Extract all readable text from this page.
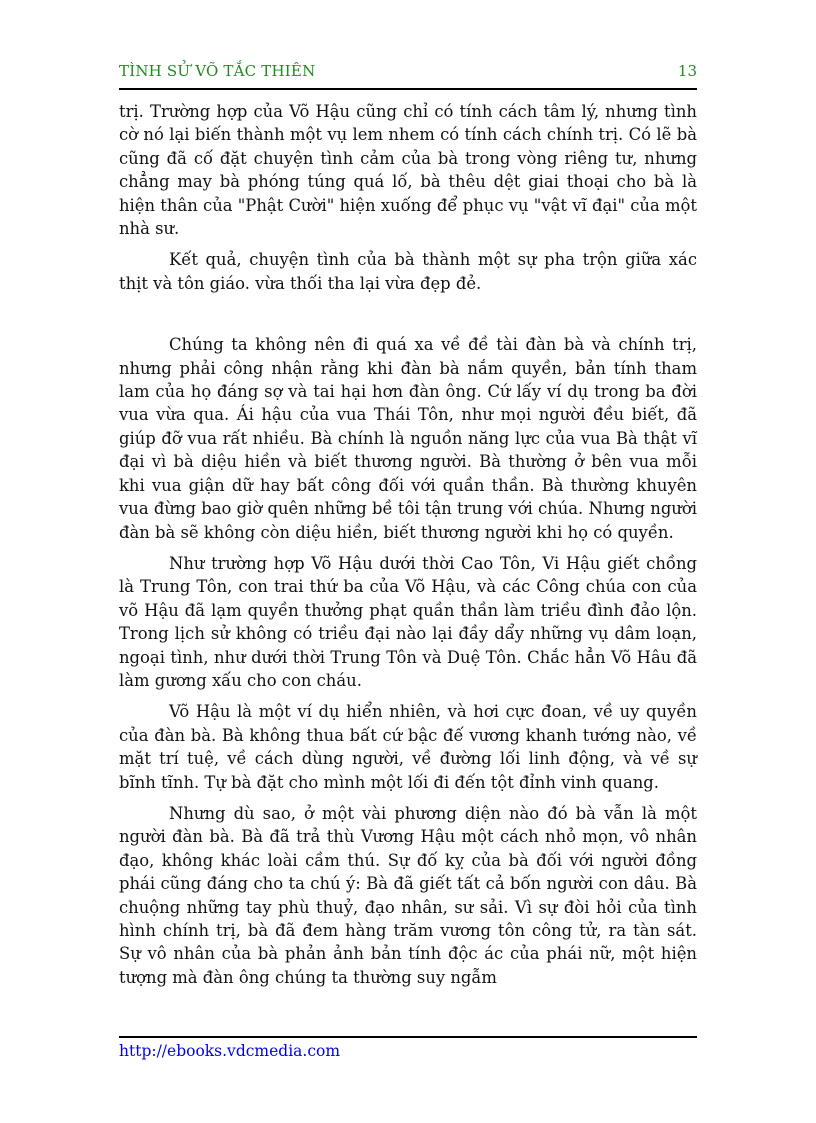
TÌNH SỬ VÕ TẮC THIÊN	13

trị. Trường hợp của Võ Hậu cũng chỉ có tính cách tâm lý, nhưng tình cờ nó lại biến thành một vụ lem nhem có tính cách chính trị. Có lẽ bà cũng đã cố đặt chuyện tình cảm của bà trong vòng riêng tư, nhưng chẳng may bà phóng túng quá lố, bà thêu dệt giai thoại cho bà là hiện thân của "Phật Cười" hiện xuống để phục vụ "vật vĩ đại" của một nhà sư.

Kết quả, chuyện tình của bà thành một sự pha trộn giữa xác thịt và tôn giáo. vừa thối tha lại vừa đẹp đẻ.

Chúng ta không nên đi quá xa về đề tài đàn bà và chính trị, nhưng phải công nhận rằng khi đàn bà nắm quyền, bản tính tham lam của họ đáng sợ và tai hại hơn đàn ông. Cứ lấy ví dụ trong ba đời vua vừa qua. Ái hậu của vua Thái Tôn, như mọi người đều biết, đã giúp đỡ vua rất nhiều. Bà chính là nguồn năng lực của vua Bà thật vĩ đại vì bà diệu hiền và biết thương người. Bà thường ở bên vua mỗi khi vua giận dữ hay bất công đối với quần thần. Bà thường khuyên vua đừng bao giờ quên những bề tôi tận trung với chúa. Nhưng người đàn bà sẽ không còn diệu hiền, biết thương người khi họ có quyền.

Như trường hợp Võ Hậu dưới thời Cao Tôn, Vi Hậu giết chồng là Trung Tôn, con trai thứ ba của Võ Hậu, và các Công chúa con của võ Hậu đã lạm quyền thưởng phạt quần thần làm triều đình đảo lộn. Trong lịch sử không có triều đại nào lại đầy dẩy những vụ dâm loạn, ngoại tình, như dưới thời Trung Tôn và Duệ Tôn. Chắc hẳn Võ Hâu đã làm gương xấu cho con cháu.

Võ Hậu là một ví dụ hiển nhiên, và hơi cực đoan, về uy quyền của đàn bà. Bà không thua bất cứ bậc đế vương khanh tướng nào, về mặt trí tuệ, về cách dùng người, về đường lối linh động, và về sự bĩnh tĩnh. Tự bà đặt cho mình một lối đi đến tột đỉnh vinh quang.

Nhưng dù sao, ở một vài phương diện nào đó bà vẫn là một người đàn bà. Bà đã trả thù Vương Hậu một cách nhỏ mọn, vô nhân đạo, không khác loài cầm thú. Sự đố kỵ của bà đối với người đồng phái cũng đáng cho ta chú ý: Bà đã giết tất cả bốn người con dâu. Bà chuộng những tay phù thuỷ, đạo nhân, sư sải. Vì sự đòi hỏi của tình hình chính trị, bà đã đem hàng trăm vương tôn công tử, ra tàn sát. Sự vô nhân của bà phản ảnh bản tính độc ác của phái nữ, một hiện tượng mà đàn ông chúng ta thường suy ngẫm

http://ebooks.vdcmedia.com
